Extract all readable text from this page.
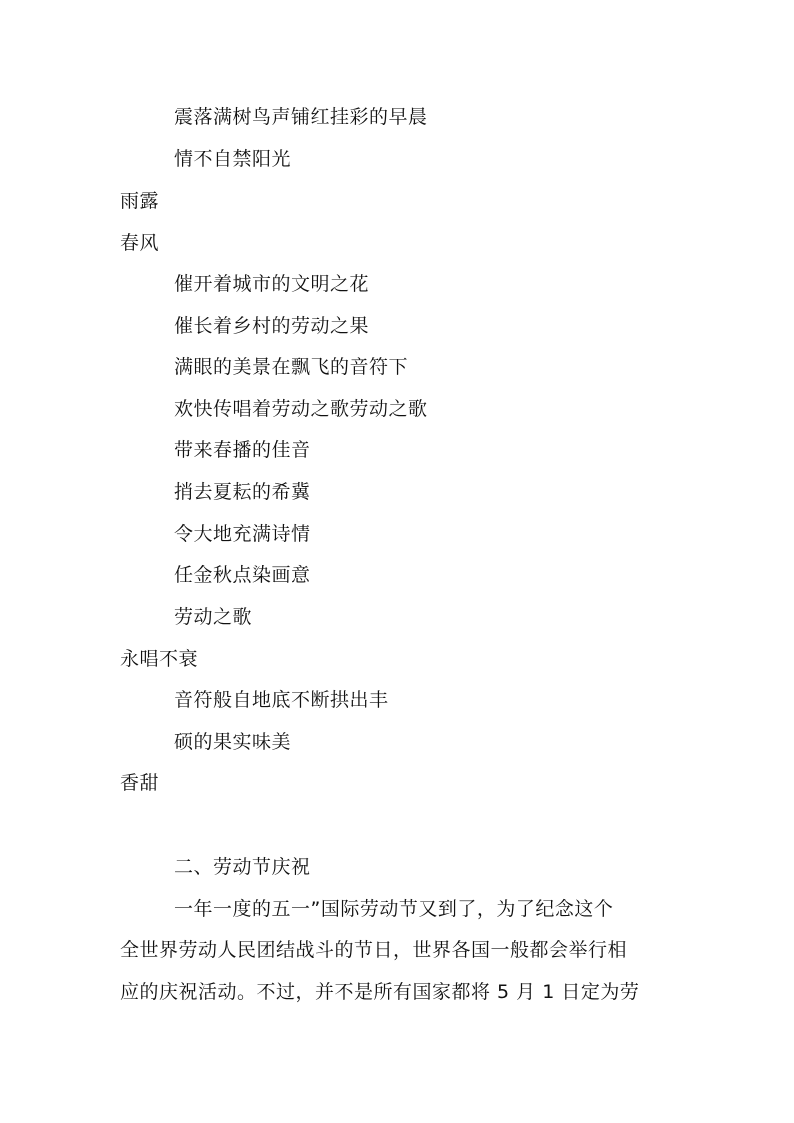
震落满树鸟声铺红挂彩的早晨
情不自禁阳光
雨露
春风
催开着城市的文明之花
催长着乡村的劳动之果
满眼的美景在飘飞的音符下
欢快传唱着劳动之歌劳动之歌
带来春播的佳音
捎去夏耘的希冀
令大地充满诗情
任金秋点染画意
劳动之歌
永唱不衰
音符般自地底不断拱出丰
硕的果实味美
香甜
二、劳动节庆祝
一年一度的五一”国际劳动节又到了，为了纪念这个
全世界劳动人民团结战斗的节日，世界各国一般都会举行相
应的庆祝活动。不过，并不是所有国家都将 5 月 1 日定为劳
